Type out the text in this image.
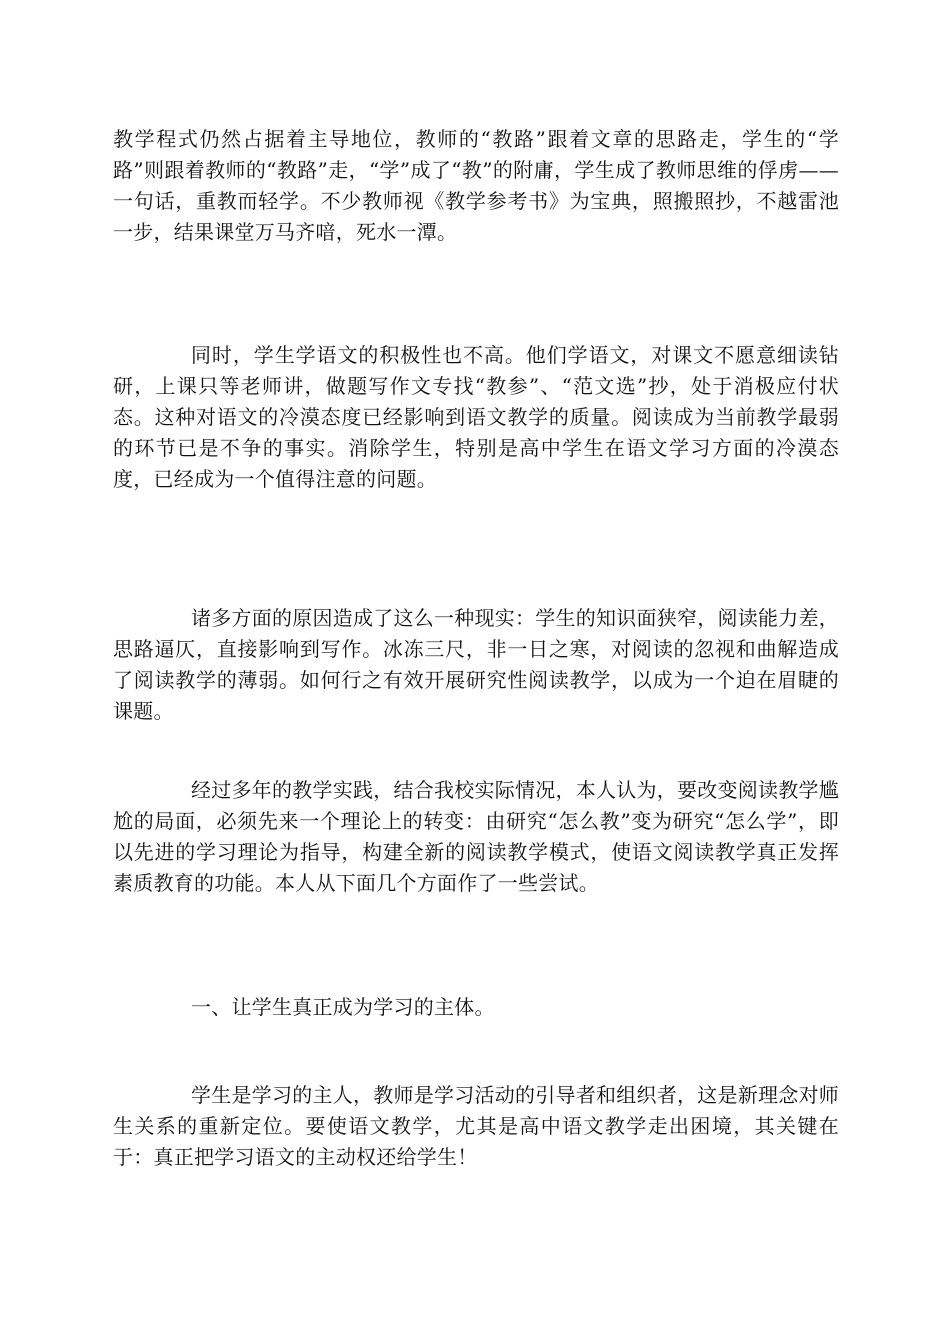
教学程式仍然占据着主导地位，教师的“教路”跟着文章的思路走，学生的“学路”则跟着教师的“教路”走，“学”成了“教”的附庸，学生成了教师思维的俘虏——一句话，重教而轻学。不少教师视《教学参考书》为宝典，照搬照抄，不越雷池一步，结果课堂万马齐喑，死水一潭。

同时，学生学语文的积极性也不高。他们学语文，对课文不愿意细读钻研，上课只等老师讲，做题写作文专找“教参”、“范文选”抄，处于消极应付状态。这种对语文的冷漠态度已经影响到语文教学的质量。阅读成为当前教学最弱的环节已是不争的事实。消除学生，特别是高中学生在语文学习方面的冷漠态度，已经成为一个值得注意的问题。

诸多方面的原因造成了这么一种现实：学生的知识面狭窄，阅读能力差，思路逼仄，直接影响到写作。冰冻三尺，非一日之寒，对阅读的忽视和曲解造成了阅读教学的薄弱。如何行之有效开展研究性阅读教学，以成为一个迫在眉睫的课题。

经过多年的教学实践，结合我校实际情况，本人认为，要改变阅读教学尴尬的局面，必须先来一个理论上的转变：由研究“怎么教”变为研究“怎么学”，即以先进的学习理论为指导，构建全新的阅读教学模式，使语文阅读教学真正发挥素质教育的功能。本人从下面几个方面作了一些尝试。

一、让学生真正成为学习的主体。

学生是学习的主人，教师是学习活动的引导者和组织者，这是新理念对师生关系的重新定位。要使语文教学，尤其是高中语文教学走出困境，其关键在于：真正把学习语文的主动权还给学生！
